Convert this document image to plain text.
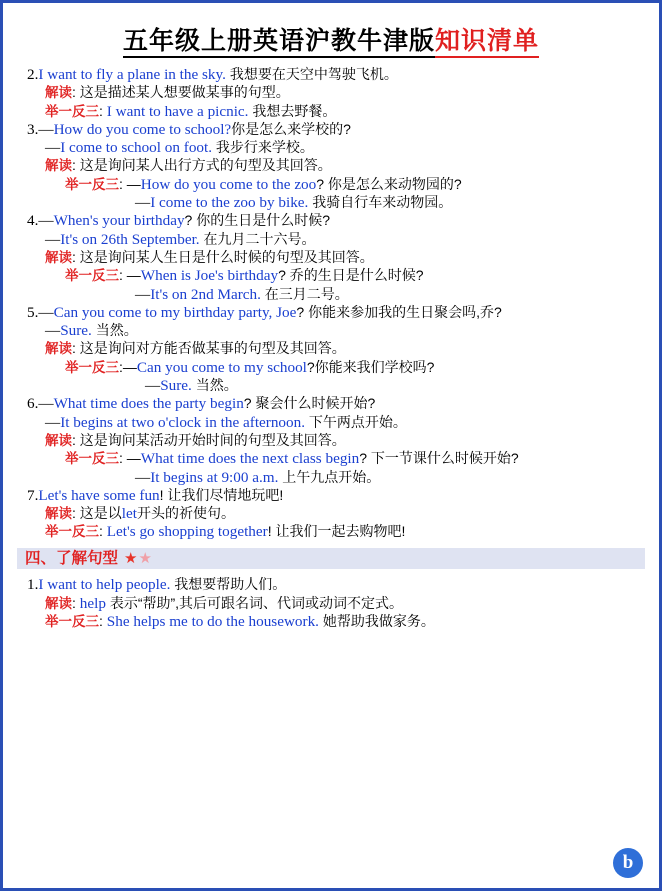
五年级上册英语沪教牛津版知识清单
2.I want to fly a plane in the sky. 我想要在天空中驾驶飞机。
解读: 这是描述某人想要做某事的句型。
举一反三: I want to have a picnic. 我想去野餐。
3.—How do you come to school?你是怎么来学校的?
—I come to school on foot. 我步行来学校。
解读: 这是询问某人出行方式的句型及其回答。
举一反三: —How do you come to the zoo? 你是怎么来动物园的?
—I come to the zoo by bike. 我骑自行车来动物园。
4.—When's your birthday? 你的生日是什么时候?
—It's on 26th September. 在九月二十六号。
解读: 这是询问某人生日是什么时候的句型及其回答。
举一反三: —When is Joe's birthday? 乔的生日是什么时候?
—It's on 2nd March. 在三月二号。
5.—Can you come to my birthday party, Joe? 你能来参加我的生日聚会吗,乔?
—Sure. 当然。
解读: 这是询问对方能否做某事的句型及其回答。
举一反三:—Can you come to my school?你能来我们学校吗?
—Sure. 当然。
6.—What time does the party begin? 聚会什么时候开始?
—It begins at two o'clock in the afternoon. 下午两点开始。
解读: 这是询问某活动开始时间的句型及其回答。
举一反三: —What time does the next class begin? 下一节课什么时候开始?
—It begins at 9:00 a.m. 上午九点开始。
7.Let's have some fun! 让我们尽情地玩吧!
解读: 这是以let开头的祈使句。
举一反三: Let's go shopping together! 让我们一起去购物吧!
四、了解句型 ★★
1.I want to help people. 我想要帮助人们。
解读: help 表示“帮助”,其后可跟名词、代词或动词不定式。
举一反三: She helps me to do the housework. 她帮助我做家务。
b
